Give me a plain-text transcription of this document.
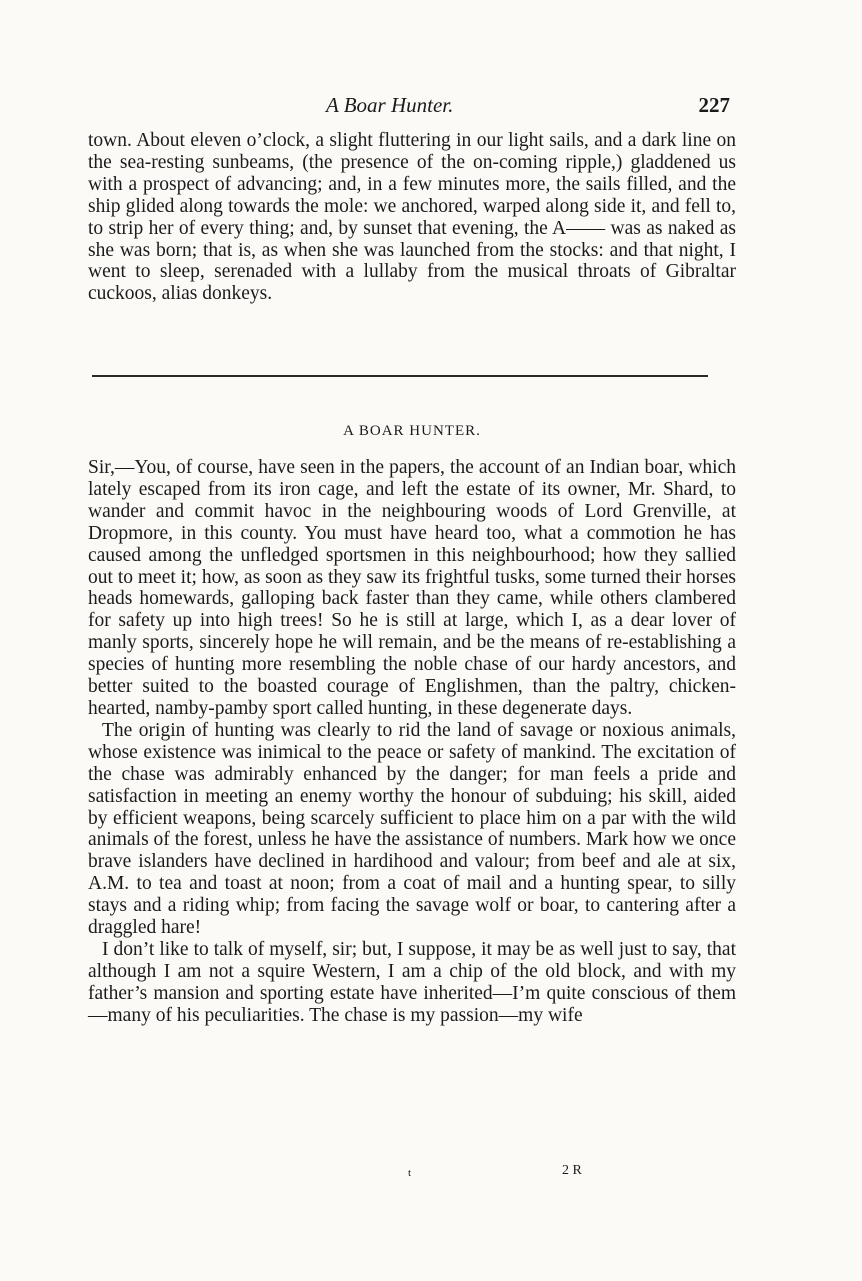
A Boar Hunter.	227

town. About eleven o’clock, a slight fluttering in our light sails, and a dark line on the sea-resting sunbeams, (the presence of the on-coming ripple,) gladdened us with a prospect of advancing; and, in a few minutes more, the sails filled, and the ship glided along towards the mole: we anchored, warped along side it, and fell to, to strip her of every thing; and, by sunset that evening, the A—— was as naked as she was born; that is, as when she was launched from the stocks: and that night, I went to sleep, serenaded with a lullaby from the musical throats of Gibraltar cuckoos, alias donkeys.

A BOAR HUNTER.

Sir,—You, of course, have seen in the papers, the account of an Indian boar, which lately escaped from its iron cage, and left the estate of its owner, Mr. Shard, to wander and commit havoc in the neighbouring woods of Lord Grenville, at Dropmore, in this county. You must have heard too, what a commotion he has caused among the unfledged sportsmen in this neighbourhood; how they sallied out to meet it; how, as soon as they saw its frightful tusks, some turned their horses heads homewards, galloping back faster than they came, while others clambered for safety up into high trees! So he is still at large, which I, as a dear lover of manly sports, sincerely hope he will remain, and be the means of re-establishing a species of hunting more resembling the noble chase of our hardy ancestors, and better suited to the boasted courage of Englishmen, than the paltry, chicken-hearted, namby-pamby sport called hunting, in these degenerate days.

The origin of hunting was clearly to rid the land of savage or noxious animals, whose existence was inimical to the peace or safety of mankind. The excitation of the chase was admirably enhanced by the danger; for man feels a pride and satisfaction in meeting an enemy worthy the honour of subduing; his skill, aided by efficient weapons, being scarcely sufficient to place him on a par with the wild animals of the forest, unless he have the assistance of numbers. Mark how we once brave islanders have declined in hardihood and valour; from beef and ale at six, A.M. to tea and toast at noon; from a coat of mail and a hunting spear, to silly stays and a riding whip; from facing the savage wolf or boar, to cantering after a draggled hare!

I don’t like to talk of myself, sir; but, I suppose, it may be as well just to say, that although I am not a squire Western, I am a chip of the old block, and with my father’s mansion and sporting estate have inherited—I’m quite conscious of them—many of his peculiarities. The chase is my passion—my wife

t	2 R
